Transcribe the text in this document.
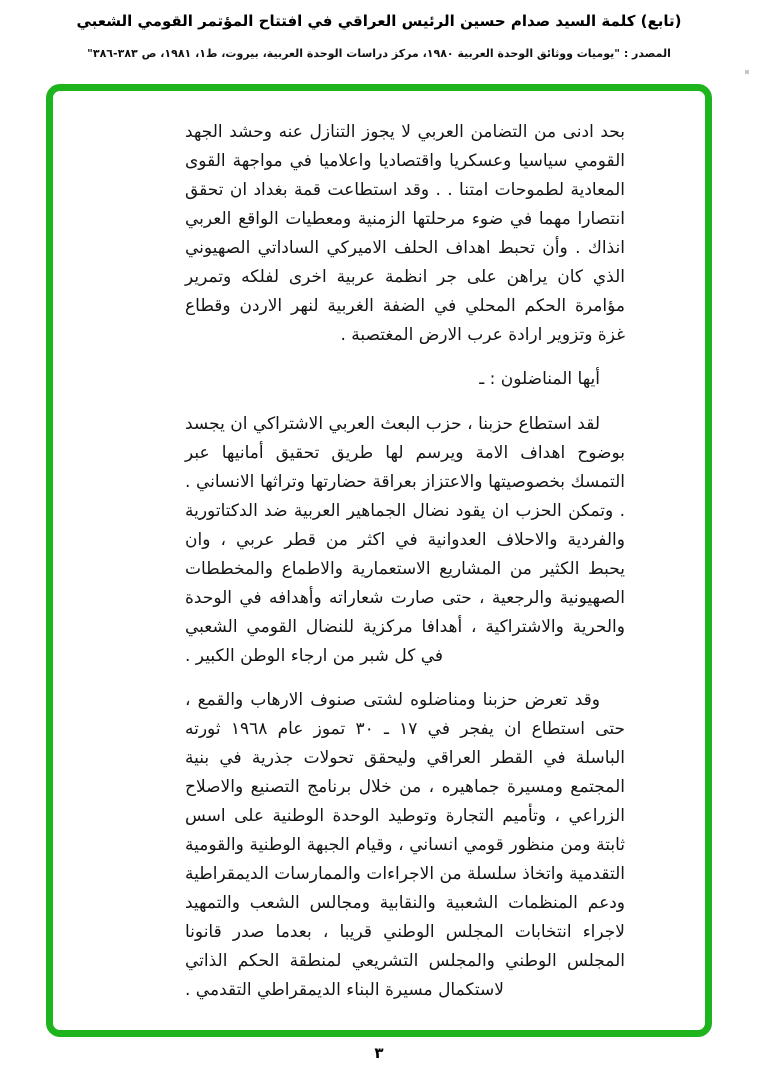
(تابع) كلمة السيد صدام حسين الرئيس العراقي في افتتاح المؤتمر القومي الشعبي
المصدر : "يوميات ووثائق الوحدة العربية ١٩٨٠، مركز دراسات الوحدة العربية، بيروت، ط١، ١٩٨١، ص ٣٨٣-٣٨٦"

بحد ادنى من التضامن العربي لا يجوز التنازل عنه وحشد الجهد القومي سياسيا وعسكريا واقتصاديا واعلاميا في مواجهة القوى المعادية لطموحات امتنا . . وقد استطاعت قمة بغداد ان تحقق انتصارا مهما في ضوء مرحلتها الزمنية ومعطيات الواقع العربي انذاك . وأن تحبط اهداف الحلف الاميركي الساداتي الصهيوني الذي كان يراهن على جر انظمة عربية اخرى لفلكه وتمرير مؤامرة الحكم المحلي في الضفة الغربية لنهر الاردن وقطاع غزة وتزوير ارادة عرب الارض المغتصبة .

أيها المناضلون : ـ

لقد استطاع حزبنا ، حزب البعث العربي الاشتراكي ان يجسد بوضوح اهداف الامة ويرسم لها طريق تحقيق أمانيها عبر التمسك بخصوصيتها والاعتزاز بعراقة حضارتها وتراثها الانساني . . وتمكن الحزب ان يقود نضال الجماهير العربية ضد الدكتاتورية والفردية والاحلاف العدوانية في اكثر من قطر عربي ، وان يحبط الكثير من المشاريع الاستعمارية والاطماع والمخططات الصهيونية والرجعية ، حتى صارت شعاراته وأهدافه في الوحدة والحرية والاشتراكية ، أهدافا مركزية للنضال القومي الشعبي في كل شبر من ارجاء الوطن الكبير .

وقد تعرض حزبنا ومناضلوه لشتى صنوف الارهاب والقمع ، حتى استطاع ان يفجر في ١٧ ـ ٣٠ تموز عام ١٩٦٨ ثورته الباسلة في القطر العراقي وليحقق تحولات جذرية في بنية المجتمع ومسيرة جماهيره ، من خلال برنامج التصنيع والاصلاح الزراعي ، وتأميم التجارة وتوطيد الوحدة الوطنية على اسس ثابتة ومن منظور قومي انساني ، وقيام الجبهة الوطنية والقومية التقدمية واتخاذ سلسلة من الاجراءات والممارسات الديمقراطية ودعم المنظمات الشعبية والنقابية ومجالس الشعب والتمهيد لاجراء انتخابات المجلس الوطني قريبا ، بعدما صدر قانونا المجلس الوطني والمجلس التشريعي لمنطقة الحكم الذاتي لاستكمال مسيرة البناء الديمقراطي التقدمي .

٣
